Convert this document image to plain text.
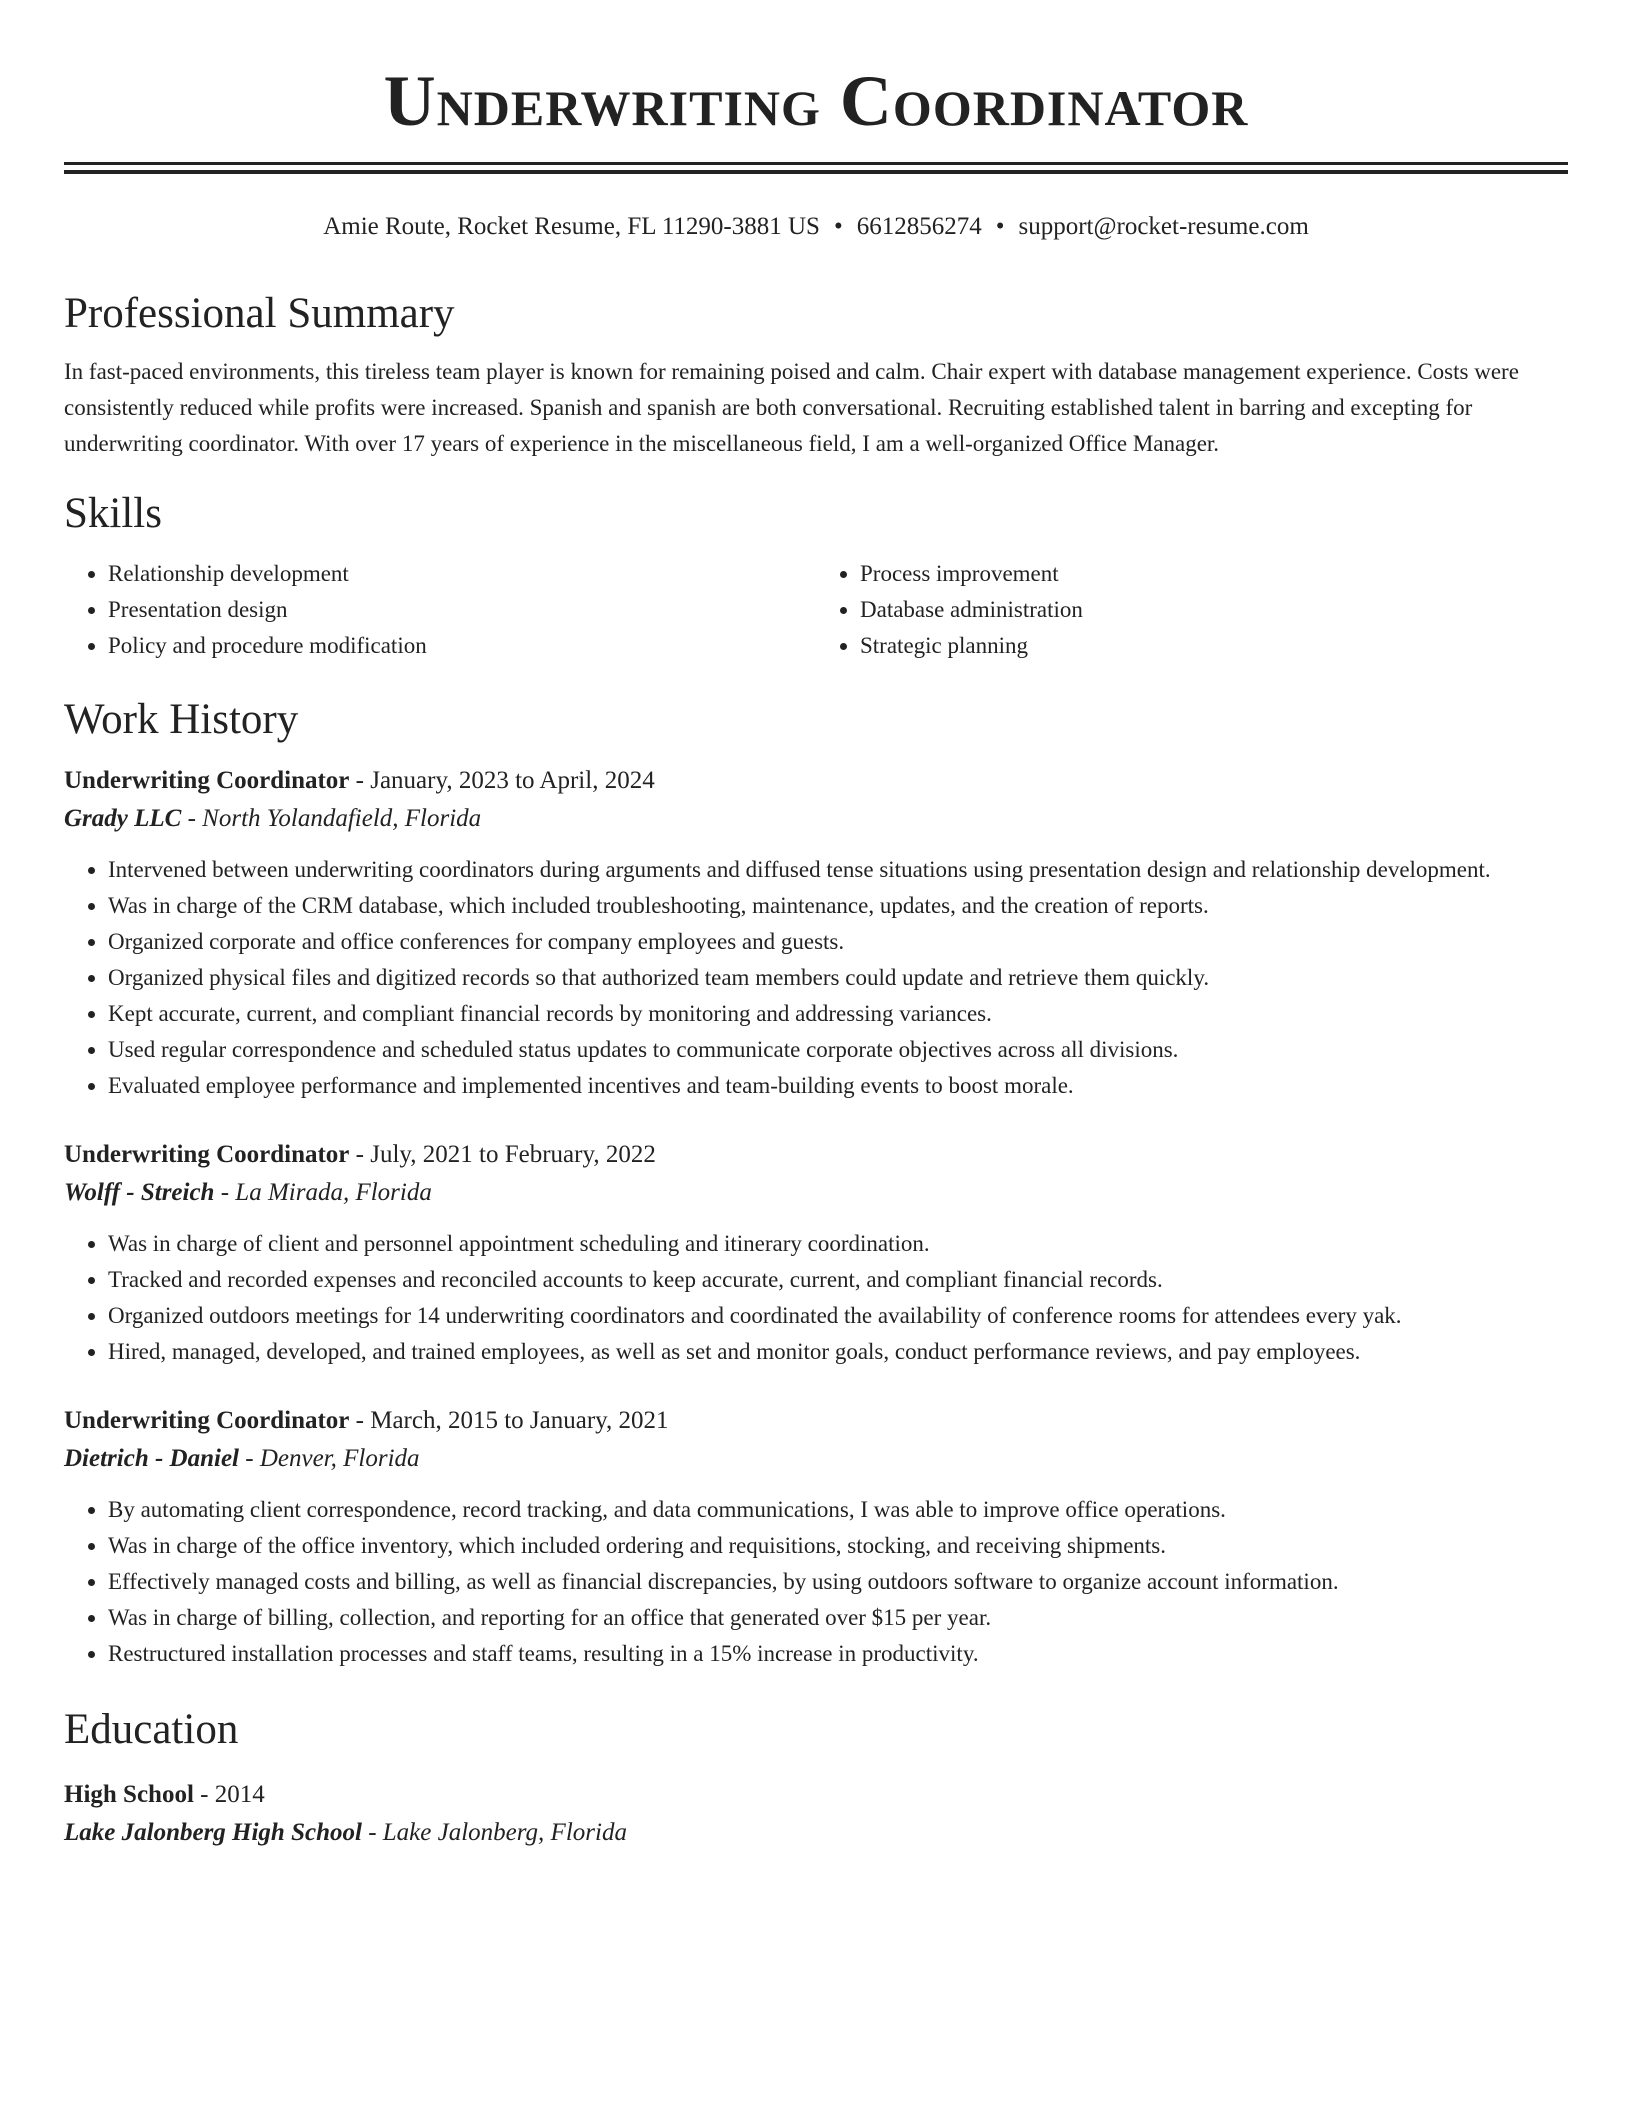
Underwriting Coordinator
Amie Route, Rocket Resume, FL 11290-3881 US • 6612856274 • support@rocket-resume.com
Professional Summary

In fast-paced environments, this tireless team player is known for remaining poised and calm. Chair expert with database management experience. Costs were consistently reduced while profits were increased. Spanish and spanish are both conversational. Recruiting established talent in barring and excepting for underwriting coordinator. With over 17 years of experience in the miscellaneous field, I am a well-organized Office Manager.

Skills
• Relationship development
• Presentation design
• Policy and procedure modification
• Process improvement
• Database administration
• Strategic planning
Work History
Underwriting Coordinator - January, 2023 to April, 2024
Grady LLC - North Yolandafield, Florida
• Intervened between underwriting coordinators during arguments and diffused tense situations using presentation design and relationship development.
• Was in charge of the CRM database, which included troubleshooting, maintenance, updates, and the creation of reports.
• Organized corporate and office conferences for company employees and guests.
• Organized physical files and digitized records so that authorized team members could update and retrieve them quickly.
• Kept accurate, current, and compliant financial records by monitoring and addressing variances.
• Used regular correspondence and scheduled status updates to communicate corporate objectives across all divisions.
• Evaluated employee performance and implemented incentives and team-building events to boost morale.
Underwriting Coordinator - July, 2021 to February, 2022
Wolff - Streich - La Mirada, Florida
• Was in charge of client and personnel appointment scheduling and itinerary coordination.
• Tracked and recorded expenses and reconciled accounts to keep accurate, current, and compliant financial records.
• Organized outdoors meetings for 14 underwriting coordinators and coordinated the availability of conference rooms for attendees every yak.
• Hired, managed, developed, and trained employees, as well as set and monitor goals, conduct performance reviews, and pay employees.
Underwriting Coordinator - March, 2015 to January, 2021
Dietrich - Daniel - Denver, Florida
• By automating client correspondence, record tracking, and data communications, I was able to improve office operations.
• Was in charge of the office inventory, which included ordering and requisitions, stocking, and receiving shipments.
• Effectively managed costs and billing, as well as financial discrepancies, by using outdoors software to organize account information.
• Was in charge of billing, collection, and reporting for an office that generated over $15 per year.
• Restructured installation processes and staff teams, resulting in a 15% increase in productivity.
Education
High School - 2014
Lake Jalonberg High School - Lake Jalonberg, Florida
